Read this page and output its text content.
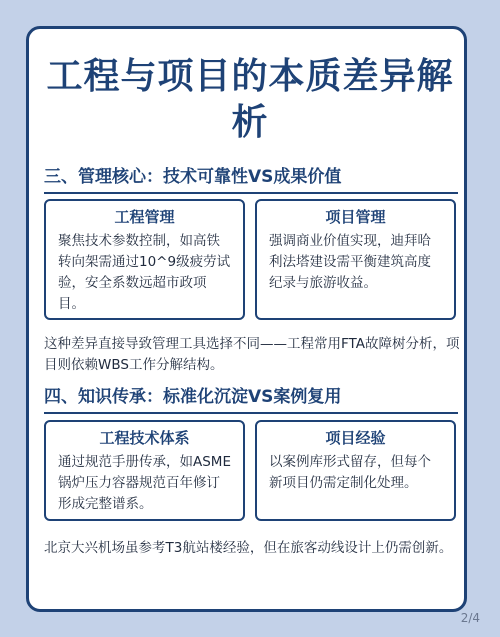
工程与项目的本质差异解析
三、管理核心：技术可靠性VS成果价值
工程管理
聚焦技术参数控制，如高铁转向架需通过10^9级疲劳试验，安全系数远超市政项目。
项目管理
强调商业价值实现，迪拜哈利法塔建设需平衡建筑高度纪录与旅游收益。
这种差异直接导致管理工具选择不同——工程常用FTA故障树分析，项目则依赖WBS工作分解结构。
四、知识传承：标准化沉淀VS案例复用
工程技术体系
通过规范手册传承，如ASME锅炉压力容器规范百年修订形成完整谱系。
项目经验
以案例库形式留存，但每个新项目仍需定制化处理。
北京大兴机场虽参考T3航站楼经验，但在旅客动线设计上仍需创新。
2/4
